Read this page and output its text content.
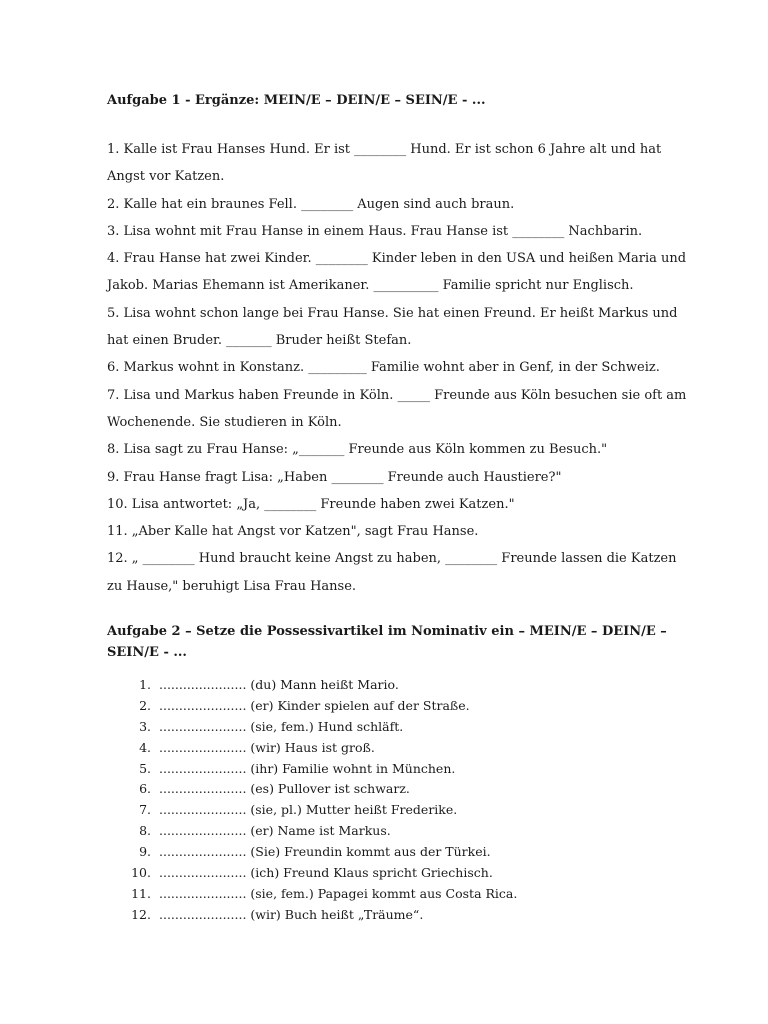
Aufgabe 1 - Ergänze: MEIN/E – DEIN/E – SEIN/E - ...
1. Kalle ist Frau Hanses Hund. Er ist ________ Hund. Er ist schon 6 Jahre alt und hat
Angst vor Katzen.
2. Kalle hat ein braunes Fell. ________ Augen sind auch braun.
3. Lisa wohnt mit Frau Hanse in einem Haus. Frau Hanse ist ________ Nachbarin.
4. Frau Hanse hat zwei Kinder. ________ Kinder leben in den USA und heißen Maria und
Jakob. Marias Ehemann ist Amerikaner. __________ Familie spricht nur Englisch.
5. Lisa wohnt schon lange bei Frau Hanse. Sie hat einen Freund. Er heißt Markus und
hat einen Bruder. _______ Bruder heißt Stefan.
6. Markus wohnt in Konstanz. _________ Familie wohnt aber in Genf, in der Schweiz.
7. Lisa und Markus haben Freunde in Köln. _____ Freunde aus Köln besuchen sie oft am
Wochenende. Sie studieren in Köln.
8. Lisa sagt zu Frau Hanse: „_______ Freunde aus Köln kommen zu Besuch."
9. Frau Hanse fragt Lisa: „Haben ________ Freunde auch Haustiere?"
10. Lisa antwortet: „Ja, ________ Freunde haben zwei Katzen."
11. „Aber Kalle hat Angst vor Katzen", sagt Frau Hanse.
12. „ ________ Hund braucht keine Angst zu haben, ________ Freunde lassen die Katzen
zu Hause," beruhigt Lisa Frau Hanse.
Aufgabe 2 – Setze die Possessivartikel im Nominativ ein – MEIN/E – DEIN/E –
SEIN/E - ...
1. ...................... (du) Mann heißt Mario.
2. ...................... (er) Kinder spielen auf der Straße.
3. ...................... (sie, fem.) Hund schläft.
4. ...................... (wir) Haus ist groß.
5. ...................... (ihr) Familie wohnt in München.
6. ...................... (es) Pullover ist schwarz.
7. ...................... (sie, pl.) Mutter heißt Frederike.
8. ...................... (er) Name ist Markus.
9. ...................... (Sie) Freundin kommt aus der Türkei.
10. ...................... (ich) Freund Klaus spricht Griechisch.
11. ...................... (sie, fem.) Papagei kommt aus Costa Rica.
12. ...................... (wir) Buch heißt „Träume“.
